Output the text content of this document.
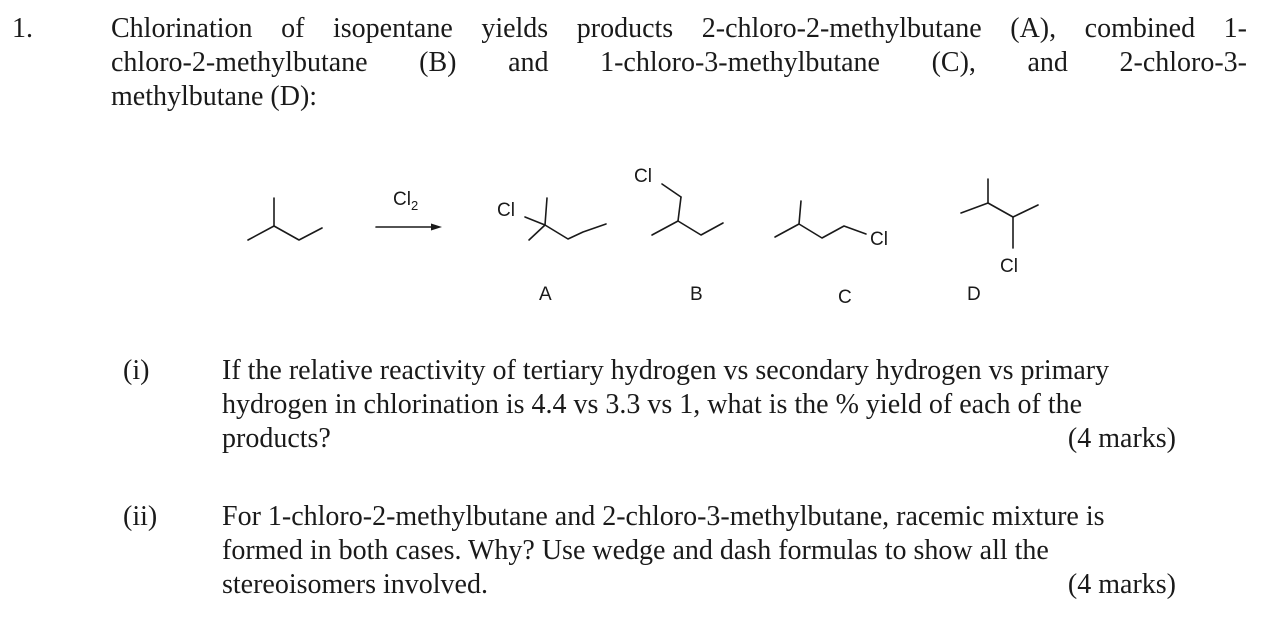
1.	Chlorination of isopentane yields products 2-chloro-2-methylbutane (A), combined 1-
chloro-2-methylbutane (B) and 1-chloro-3-methylbutane (C), and 2-chloro-3-
methylbutane (D):
$Cl_2$	Cl
Cl
Cl
Cl
A	B	C	D
(i)	If the relative reactivity of tertiary hydrogen vs secondary hydrogen vs primary
hydrogen in chlorination is 4.4 vs 3.3 vs 1, what is the % yield of each of the
products?	(4 marks)
(ii) For 1-chloro-2-methylbutane and 2-chloro-3-methylbutane, racemic mixture is
formed in both cases. Why? Use wedge and dash formulas to show all the
stereoisomers involved.	(4 marks)
